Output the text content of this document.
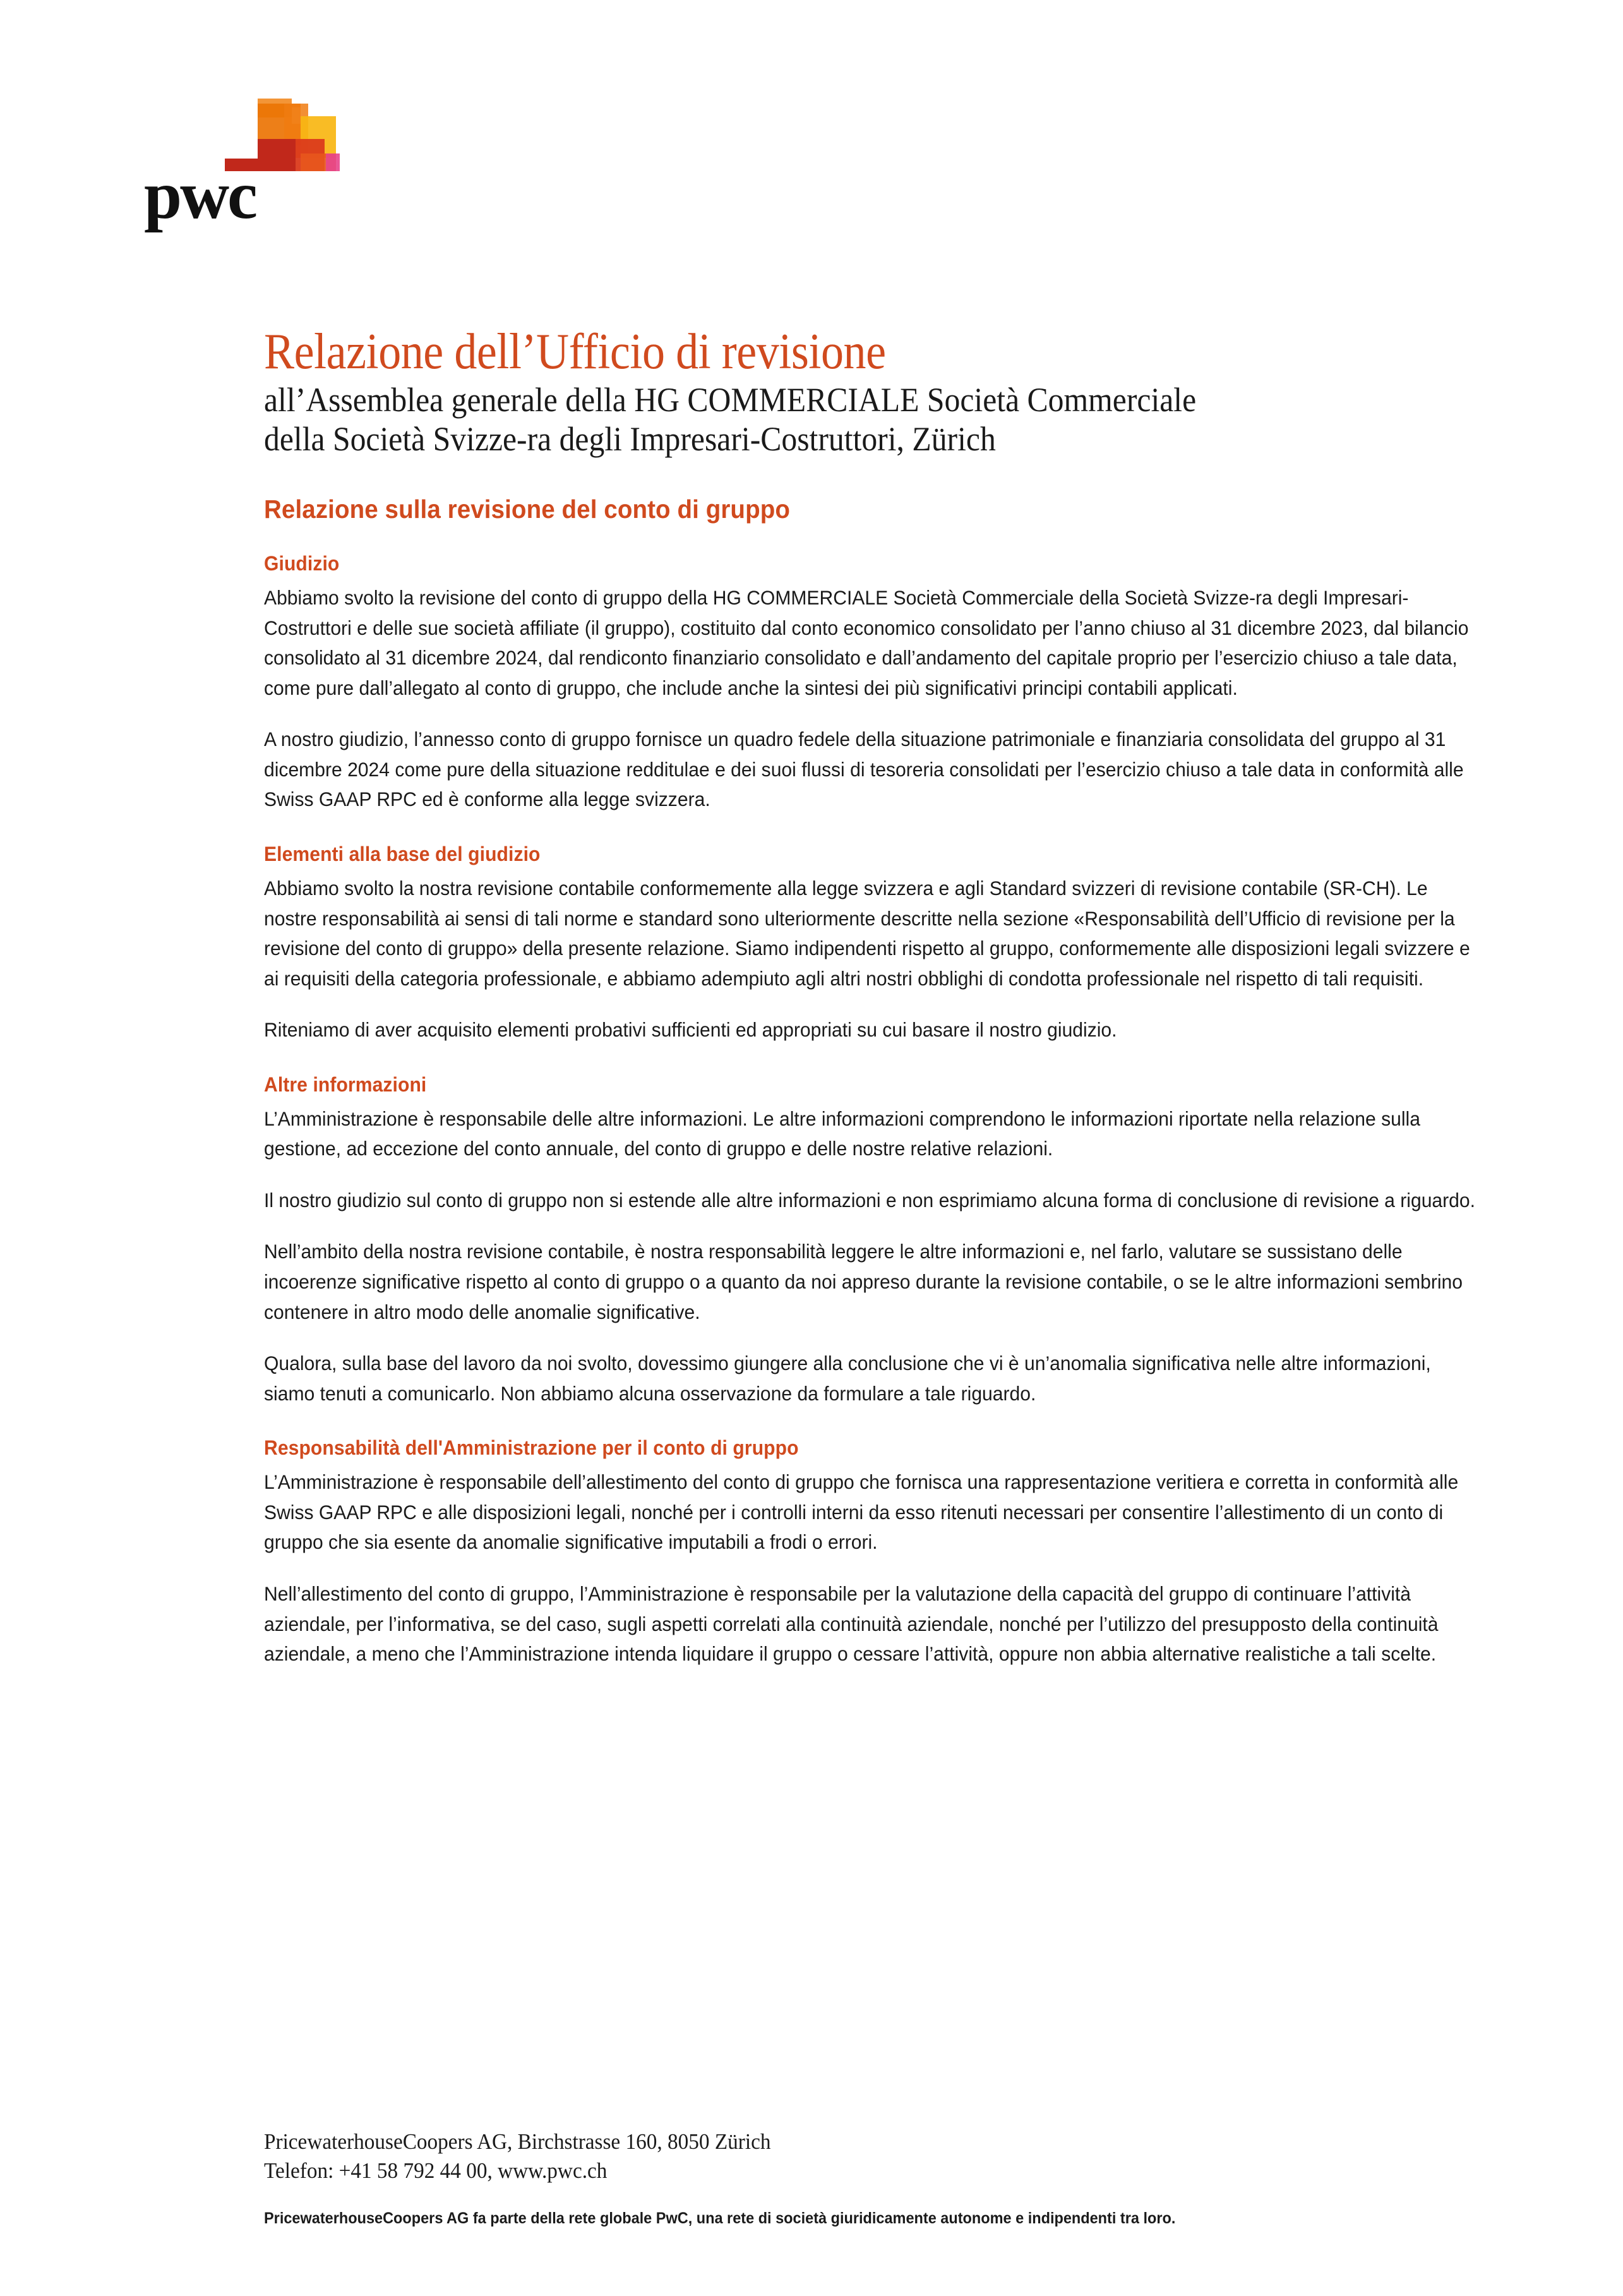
pwc
Relazione dell’Ufficio di revisione
all’Assemblea generale della HG COMMERCIALE Società Commerciale
della Società Svizze-ra degli Impresari-Costruttori, Zürich
Relazione sulla revisione del conto di gruppo
Giudizio

Abbiamo svolto la revisione del conto di gruppo della HG COMMERCIALE Società Commerciale della Società Svizze-ra degli Impresari-Costruttori e delle sue società affiliate (il gruppo), costituito dal conto economico consolidato per l’anno chiuso al 31 dicembre 2023, dal bilancio consolidato al 31 dicembre 2024, dal rendiconto finanziario consolidato e dall’andamento del capitale proprio per l’esercizio chiuso a tale data, come pure dall’allegato al conto di gruppo, che include anche la sintesi dei più significativi principi contabili applicati.

A nostro giudizio, l’annesso conto di gruppo fornisce un quadro fedele della situazione patrimoniale e finanziaria consolidata del gruppo al 31 dicembre 2024 come pure della situazione redditulae e dei suoi flussi di tesoreria consolidati per l’esercizio chiuso a tale data in conformità alle Swiss GAAP RPC ed è conforme alla legge svizzera.

Elementi alla base del giudizio

Abbiamo svolto la nostra revisione contabile conformemente alla legge svizzera e agli Standard svizzeri di revisione contabile (SR-CH). Le nostre responsabilità ai sensi di tali norme e standard sono ulteriormente descritte nella sezione «Responsabilità dell’Ufficio di revisione per la revisione del conto di gruppo» della presente relazione. Siamo indipendenti rispetto al gruppo, conformemente alle disposizioni legali svizzere e ai requisiti della categoria professionale, e abbiamo adempiuto agli altri nostri obblighi di condotta professionale nel rispetto di tali requisiti.

Riteniamo di aver acquisito elementi probativi sufficienti ed appropriati su cui basare il nostro giudizio.

Altre informazioni

L’Amministrazione è responsabile delle altre informazioni. Le altre informazioni comprendono le informazioni riportate nella relazione sulla gestione, ad eccezione del conto annuale, del conto di gruppo e delle nostre relative relazioni.

Il nostro giudizio sul conto di gruppo non si estende alle altre informazioni e non esprimiamo alcuna forma di conclusione di revisione a riguardo.

Nell’ambito della nostra revisione contabile, è nostra responsabilità leggere le altre informazioni e, nel farlo, valutare se sussistano delle incoerenze significative rispetto al conto di gruppo o a quanto da noi appreso durante la revisione contabile, o se le altre informazioni sembrino contenere in altro modo delle anomalie significative.

Qualora, sulla base del lavoro da noi svolto, dovessimo giungere alla conclusione che vi è un’anomalia significativa nelle altre informazioni, siamo tenuti a comunicarlo. Non abbiamo alcuna osservazione da formulare a tale riguardo.

Responsabilità dell'Amministrazione per il conto di gruppo

L’Amministrazione è responsabile dell’allestimento del conto di gruppo che fornisca una rappresentazione veritiera e corretta in conformità alle Swiss GAAP RPC e alle disposizioni legali, nonché per i controlli interni da esso ritenuti necessari per consentire l’allestimento di un conto di gruppo che sia esente da anomalie significative imputabili a frodi o errori.

Nell’allestimento del conto di gruppo, l’Amministrazione è responsabile per la valutazione della capacità del gruppo di continuare l’attività aziendale, per l’informativa, se del caso, sugli aspetti correlati alla continuità aziendale, nonché per l’utilizzo del presupposto della continuità aziendale, a meno che l’Amministrazione intenda liquidare il gruppo o cessare l’attività, oppure non abbia alternative realistiche a tali scelte.

PricewaterhouseCoopers AG, Birchstrasse 160, 8050 Zürich
Telefon: +41 58 792 44 00, www.pwc.ch
PricewaterhouseCoopers AG fa parte della rete globale PwC, una rete di società giuridicamente autonome e indipendenti tra loro.
